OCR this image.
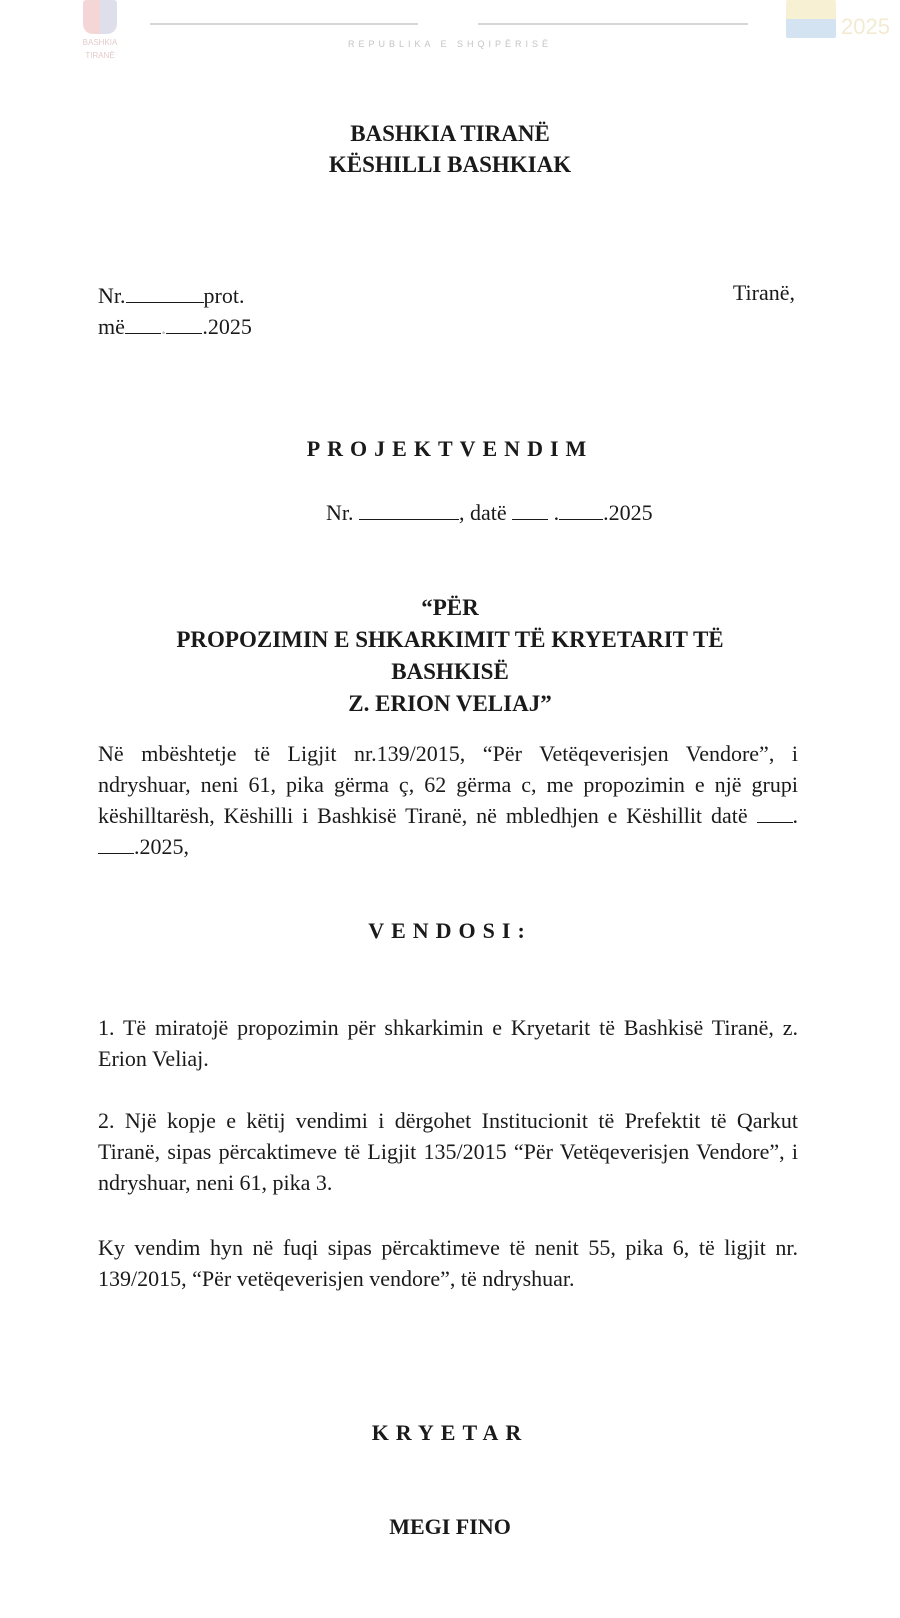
BASHKIA
TIRANË
REPUBLIKA E SHQIPËRISË
2025
BASHKIA TIRANË
KËSHILLI BASHKIAK
Nr.	prot.
më . .2025
Tiranë,
PROJEKTVENDIM
Nr.	, datë . .2025
“PËR
PROPOZIMIN E SHKARKIMIT TË KRYETARIT TË
BASHKISË
Z. ERION VELIAJ”
Në mbështetje të Ligjit nr.139/2015, “Për Vetëqeverisjen Vendore”, i ndryshuar, neni 61, pika gërma ç, 62 gërma c, me propozimin e një grupi këshilltarësh, Këshilli i Bashkisë Tiranë, në mbledhjen e Këshillit datë ..2025,
VENDOSI:
1. Të miratojë propozimin për shkarkimin e Kryetarit të Bashkisë Tiranë, z. Erion Veliaj.
2. Një kopje e këtij vendimi i dërgohet Institucionit të Prefektit të Qarkut Tiranë, sipas përcaktimeve të Ligjit 135/2015 “Për Vetëqeverisjen Vendore”, i ndryshuar, neni 61, pika 3.
Ky vendim hyn në fuqi sipas përcaktimeve të nenit 55, pika 6, të ligjit nr. 139/2015, “Për vetëqeverisjen vendore”, të ndryshuar.
KRYETAR
MEGI FINO
